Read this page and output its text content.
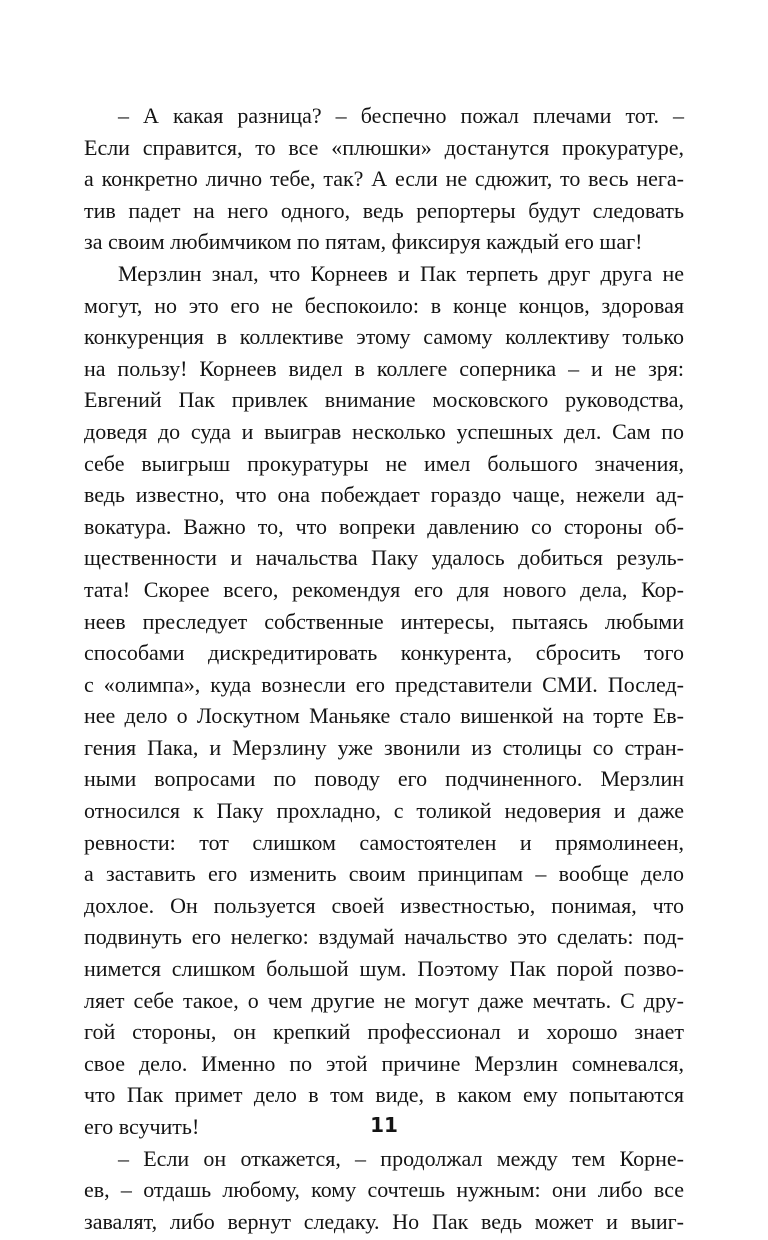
– А какая разница? – беспечно пожал плечами тот. –
Если справится, то все «плюшки» достанутся прокуратуре,
а конкретно лично тебе, так? А если не сдюжит, то весь нега-
тив падет на него одного, ведь репортеры будут следовать
за своим любимчиком по пятам, фиксируя каждый его шаг!
Мерзлин знал, что Корнеев и Пак терпеть друг друга не
могут, но это его не беспокоило: в конце концов, здоровая
конкуренция в коллективе этому самому коллективу только
на пользу! Корнеев видел в коллеге соперника – и не зря:
Евгений Пак привлек внимание московского руководства,
доведя до суда и выиграв несколько успешных дел. Сам по
себе выигрыш прокуратуры не имел большого значения,
ведь известно, что она побеждает гораздо чаще, нежели ад-
вокатура. Важно то, что вопреки давлению со стороны об-
щественности и начальства Паку удалось добиться резуль-
тата! Скорее всего, рекомендуя его для нового дела, Кор-
неев преследует собственные интересы, пытаясь любыми
способами дискредитировать конкурента, сбросить того
с «олимпа», куда вознесли его представители СМИ. Послед-
нее дело о Лоскутном Маньяке стало вишенкой на торте Ев-
гения Пака, и Мерзлину уже звонили из столицы со стран-
ными вопросами по поводу его подчиненного. Мерзлин
относился к Паку прохладно, с толикой недоверия и даже
ревности: тот слишком самостоятелен и прямолинеен,
а заставить его изменить своим принципам – вообще дело
дохлое. Он пользуется своей известностью, понимая, что
подвинуть его нелегко: вздумай начальство это сделать: под-
нимется слишком большой шум. Поэтому Пак порой позво-
ляет себе такое, о чем другие не могут даже мечтать. С дру-
гой стороны, он крепкий профессионал и хорошо знает
свое дело. Именно по этой причине Мерзлин сомневался,
что Пак примет дело в том виде, в каком ему попытаются
его всучить!
– Если он откажется, – продолжал между тем Корне-
ев, – отдашь любому, кому сочтешь нужным: они либо все
завалят, либо вернут следаку. Но Пак ведь может и выиг-
11
